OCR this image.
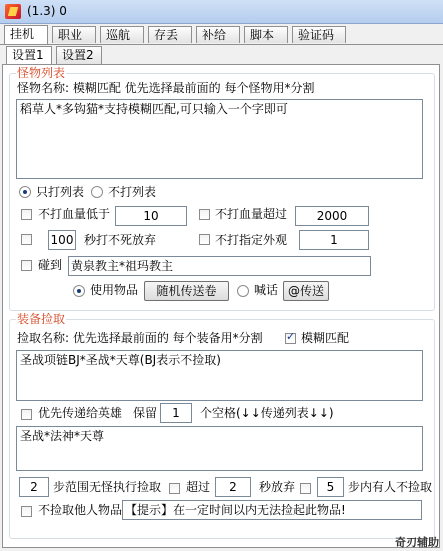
(1.3) 0
挂机	职业	巡航	存丢	补给	脚本	验证码
设置1	设置2
怪物列表
怪物名称: 模糊匹配 优先选择最前面的 每个怪物用*分割
稻草人*多钩猫*支持模糊匹配,可只输入一个字即可
只打列表 不打列表
不打血量低于	10	不打血量超过	2000
100 秒打不死放弃	不打指定外观	1
碰到 黄泉教主*祖玛教主
使用物品	随机传送卷	喊话 @传送
装备捡取
捡取名称: 优先选择最前面的 每个装备用*分割
✓	模糊匹配
圣战项链BJ*圣战*天尊(BJ表示不捡取)
优先传递给英雄 保留	1	个空格(↓↓传递列表↓↓)
圣战*法神*天尊
2	步范围无怪执行捡取 超过	2	秒放弃	5	步内有人不捡取
不捡取他人物品 【提示】在一定时间以内无法捡起此物品!
奇刃辅助
